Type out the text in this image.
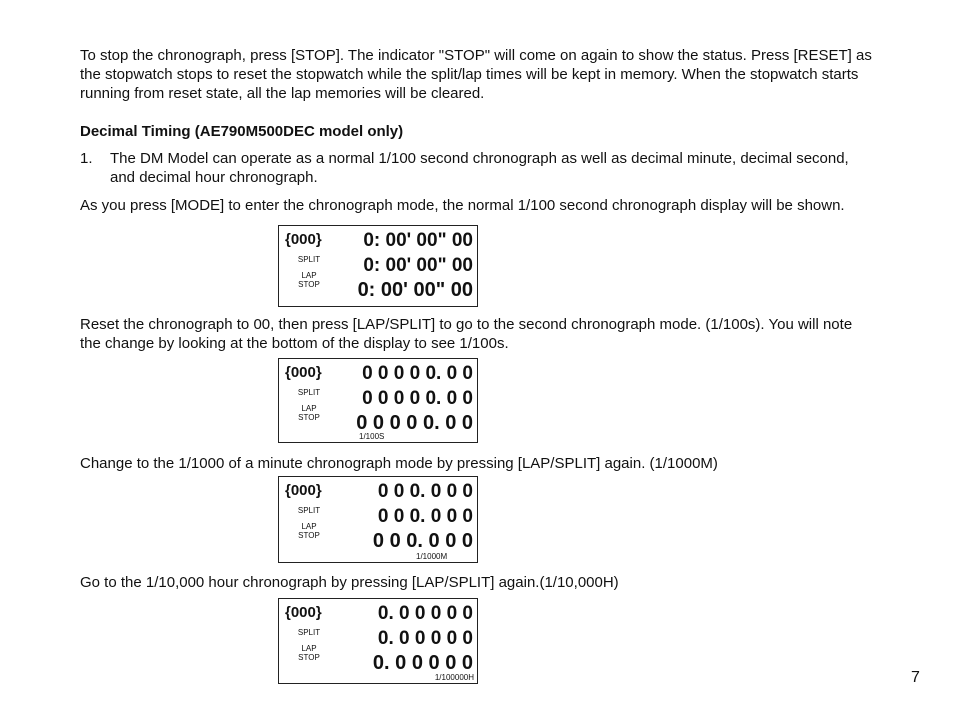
To stop the chronograph, press [STOP]. The indicator "STOP" will come on again to show the status. Press [RESET] as the stopwatch stops to reset the stopwatch while the split/lap times will be kept in memory. When the stopwatch starts running from reset state, all the lap memories will be cleared.

Decimal Timing (AE790M500DEC model only)

1. The DM Model can operate as a normal 1/100 second chronograph as well as decimal minute, decimal second, and decimal hour chronograph.

As you press [MODE] to enter the chronograph mode, the normal 1/100 second chronograph display will be shown.

{000}
SPLIT
LAP
STOP
0: 00' 00" 00
0: 00' 00" 00
0: 00' 00" 00

Reset the chronograph to 00, then press [LAP/SPLIT] to go to the second chronograph mode. (1/100s). You will note the change by looking at the bottom of the display to see 1/100s.

{000}
SPLIT
LAP
STOP
0 0 0 0 0. 0 0
0 0 0 0 0. 0 0
0 0 0 0 0. 0 0
1/100S

Change to the 1/1000 of a minute chronograph mode by pressing [LAP/SPLIT] again. (1/1000M)

{000}
SPLIT
LAP
STOP
0 0 0. 0 0 0
0 0 0. 0 0 0
0 0 0. 0 0 0
1/1000M

Go to the 1/10,000 hour chronograph by pressing [LAP/SPLIT] again.(1/10,000H)

{000}
SPLIT
LAP
STOP
0. 0 0 0 0 0
0. 0 0 0 0 0
0. 0 0 0 0 0
1/100000H	7
